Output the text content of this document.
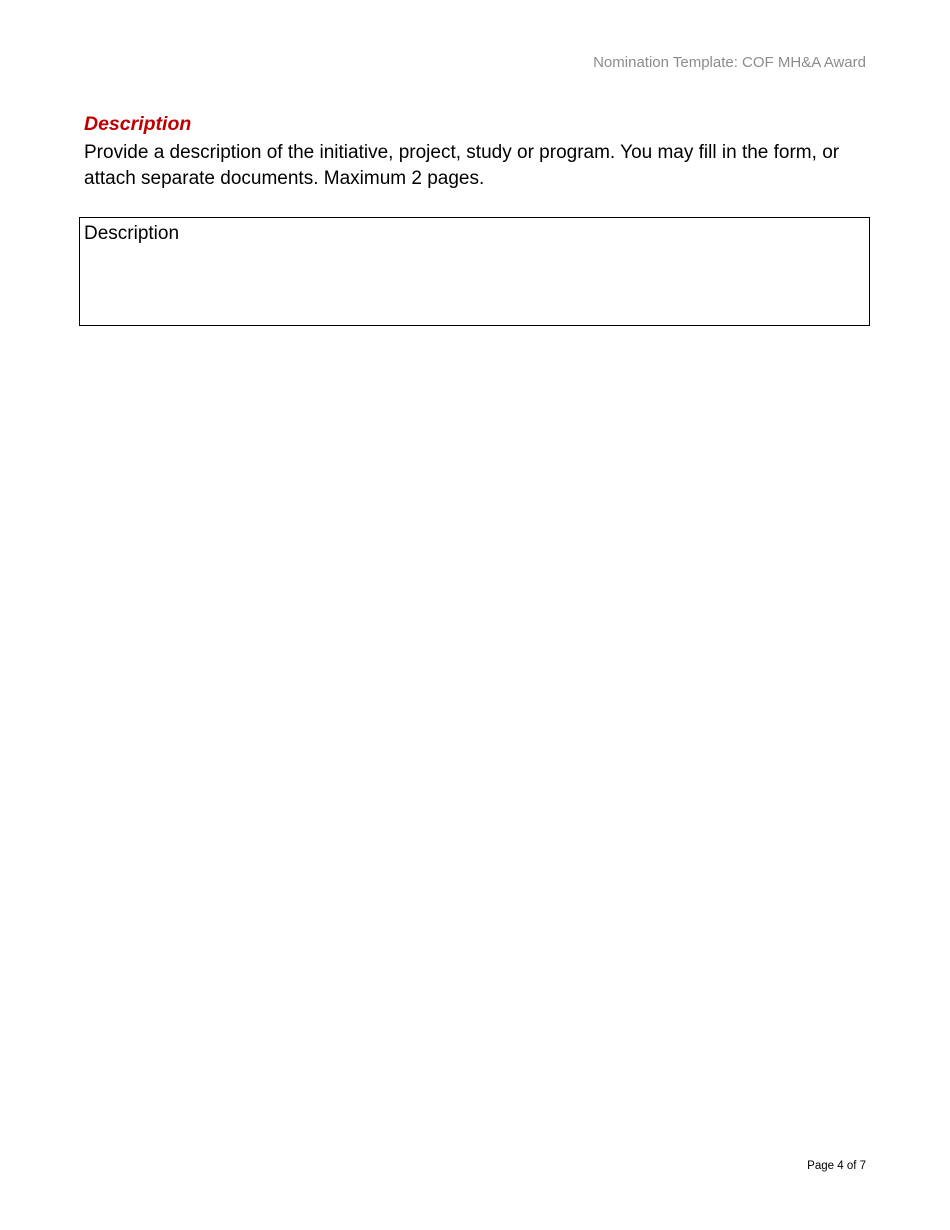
Nomination Template: COF MH&A Award
Description
Provide a description of the initiative, project, study or program. You may fill in the form, or attach separate documents. Maximum 2 pages.
Description
Page 4 of 7
